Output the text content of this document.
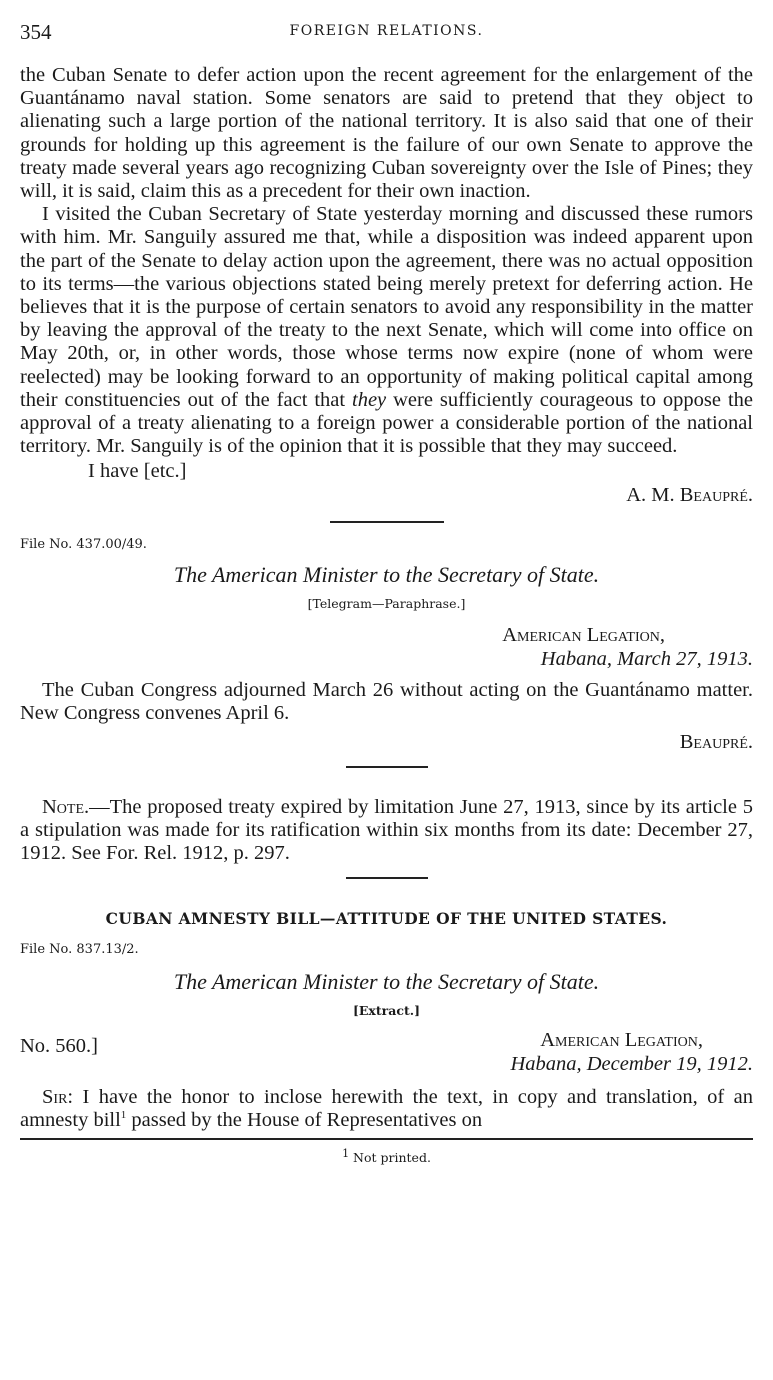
354	FOREIGN RELATIONS.

the Cuban Senate to defer action upon the recent agreement for the enlargement of the Guantánamo naval station. Some senators are said to pretend that they object to alienating such a large portion of the national territory. It is also said that one of their grounds for holding up this agreement is the failure of our own Senate to approve the treaty made several years ago recognizing Cuban sovereignty over the Isle of Pines; they will, it is said, claim this as a precedent for their own inaction.

I visited the Cuban Secretary of State yesterday morning and discussed these rumors with him. Mr. Sanguily assured me that, while a disposition was indeed apparent upon the part of the Senate to delay action upon the agreement, there was no actual opposition to its terms—the various objections stated being merely pretext for deferring action. He believes that it is the purpose of certain senators to avoid any responsibility in the matter by leaving the approval of the treaty to the next Senate, which will come into office on May 20th, or, in other words, those whose terms now expire (none of whom were reelected) may be looking forward to an opportunity of making political capital among their constituencies out of the fact that they were sufficiently courageous to oppose the approval of a treaty alienating to a foreign power a considerable portion of the national territory. Mr. Sanguily is of the opinion that it is possible that they may succeed.

I have [etc.]
A. M. Beaupré.
File No. 437.00/49.
The American Minister to the Secretary of State.
[Telegram—Paraphrase.]
American Legation,
Habana, March 27, 1913.

The Cuban Congress adjourned March 26 without acting on the Guantánamo matter. New Congress convenes April 6.

Beaupré.

Note.—The proposed treaty expired by limitation June 27, 1913, since by its article 5 a stipulation was made for its ratification within six months from its date: December 27, 1912. See For. Rel. 1912, p. 297.

CUBAN AMNESTY BILL—ATTITUDE OF THE UNITED STATES.
File No. 837.13/2.
The American Minister to the Secretary of State.
[Extract.]
No. 560.]	American Legation,
Habana, December 19, 1912.

Sir: I have the honor to inclose herewith the text, in copy and translation, of an amnesty bill$^1$ passed by the House of Representatives on

$^1$ Not printed.
